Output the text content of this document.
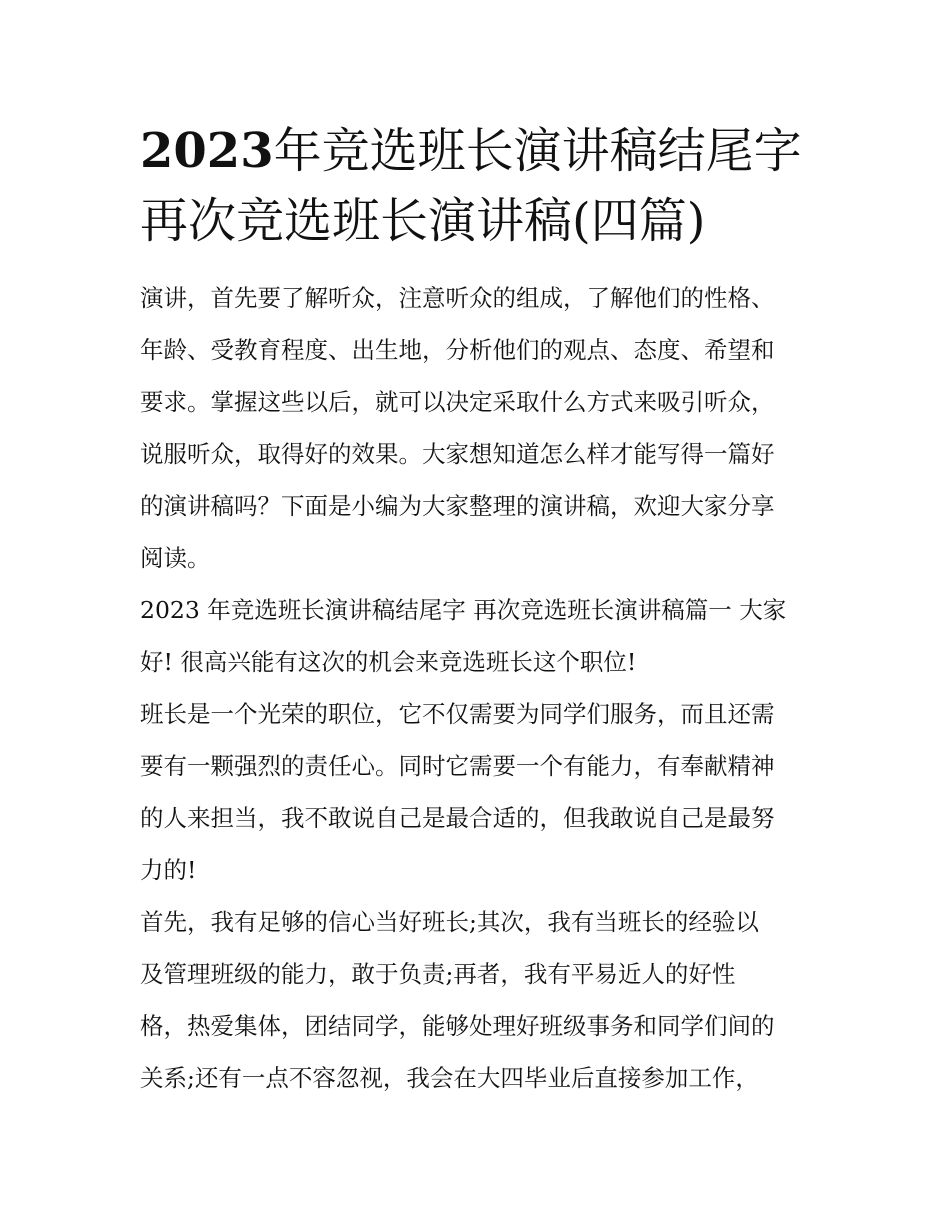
2023年竞选班长演讲稿结尾字
再次竞选班长演讲稿(四篇)

演讲，首先要了解听众，注意听众的组成，了解他们的性格、
年龄、受教育程度、出生地，分析他们的观点、态度、希望和
要求。掌握这些以后，就可以决定采取什么方式来吸引听众，
说服听众，取得好的效果。大家想知道怎么样才能写得一篇好
的演讲稿吗？下面是小编为大家整理的演讲稿，欢迎大家分享
阅读。

2023 年竞选班长演讲稿结尾字 再次竞选班长演讲稿篇一 大家
好! 很高兴能有这次的机会来竞选班长这个职位!

班长是一个光荣的职位，它不仅需要为同学们服务，而且还需
要有一颗强烈的责任心。同时它需要一个有能力，有奉献精神
的人来担当，我不敢说自己是最合适的，但我敢说自己是最努
力的!

首先，我有足够的信心当好班长;其次，我有当班长的经验以
及管理班级的能力，敢于负责;再者，我有平易近人的好性
格，热爱集体，团结同学，能够处理好班级事务和同学们间的
关系;还有一点不容忽视，我会在大四毕业后直接参加工作，
